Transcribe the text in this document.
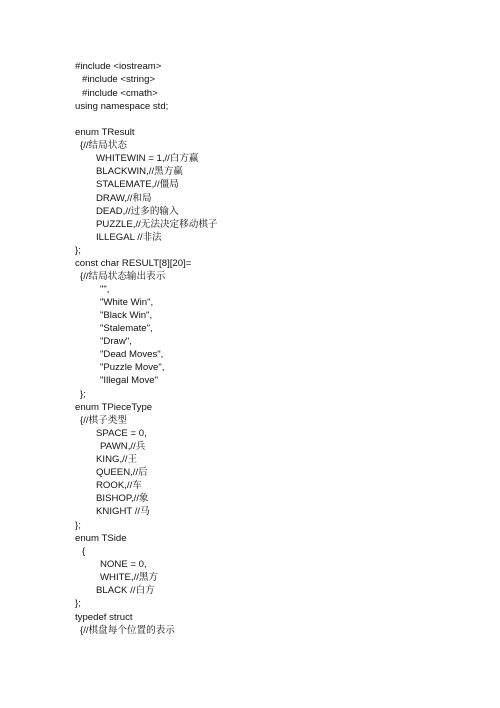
#include <iostream>
#include <string>
#include <cmath>
using namespace std;
enum TResult
{//结局状态
WHITEWIN = 1,//白方赢
BLACKWIN,//黑方赢
STALEMATE,//僵局
DRAW,//和局
DEAD,//过多的输入
PUZZLE,//无法决定移动棋子
ILLEGAL //非法
};
const char RESULT[8][20]=
{//结局状态输出表示
"",
"White Win",
"Black Win",
"Stalemate",
"Draw",
"Dead Moves",
"Puzzle Move",
"Illegal Move"
};
enum TPieceType
{//棋子类型
SPACE = 0,
PAWN,//兵
KING,//王
QUEEN,//后
ROOK,//车
BISHOP,//象
KNIGHT //马
};
enum TSide
{
NONE = 0,
WHITE,//黑方
BLACK //白方
};
typedef struct
{//棋盘每个位置的表示
